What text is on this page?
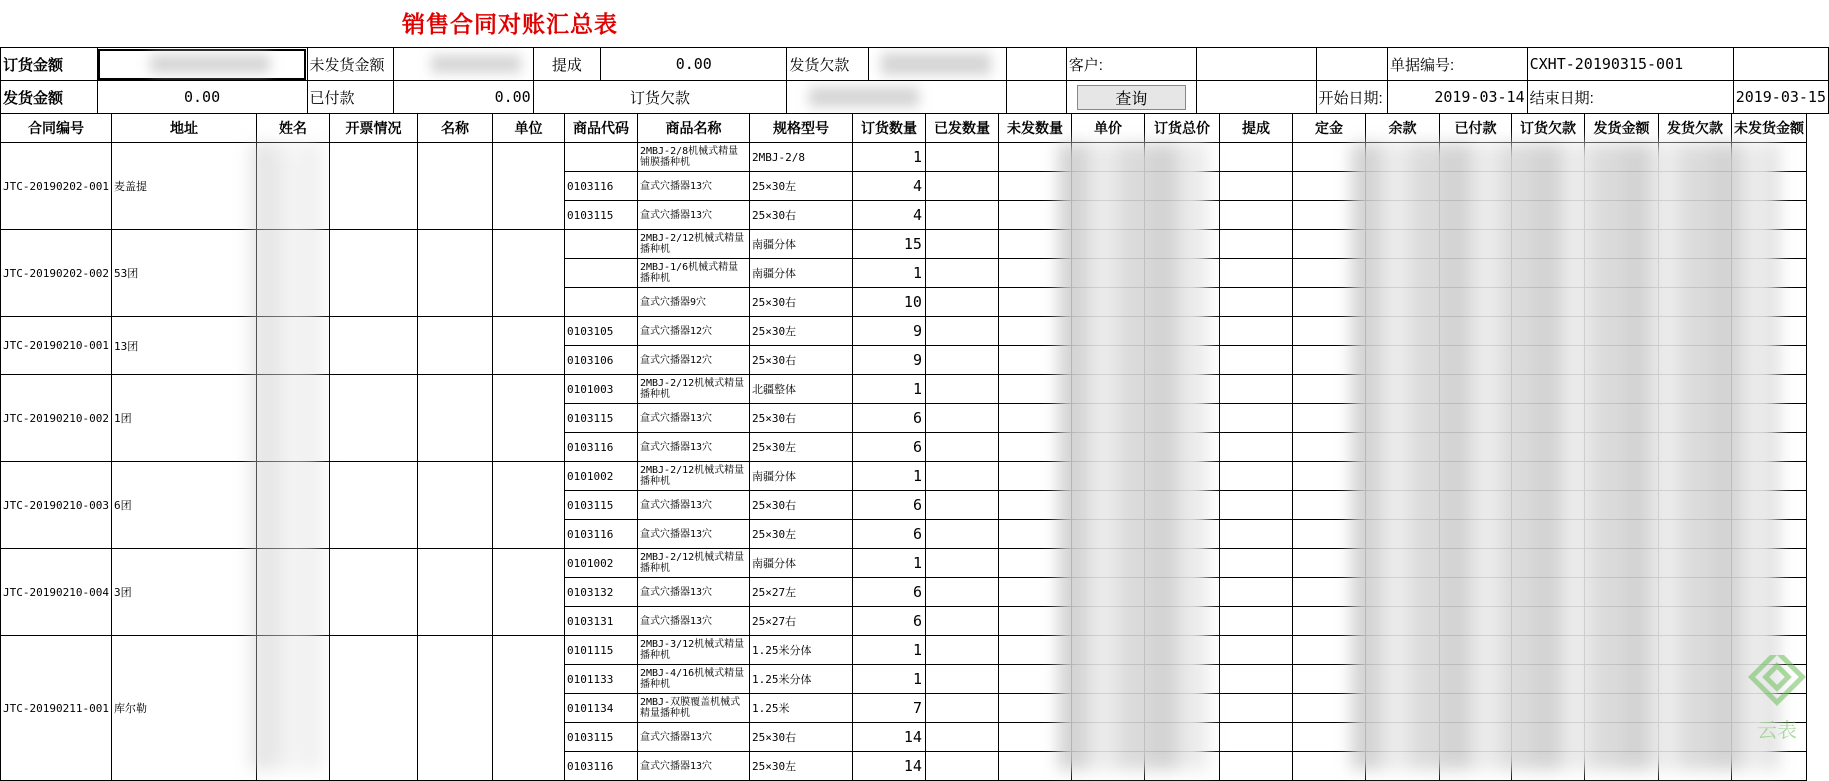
销售合同对账汇总表
订货金额		未发货金额		提成	0.00	发货欠款			客户:			单据编号:	CXHT-20190315-001	
发货金额	0.00	已付款	0.00	订货欠款					查询		开始日期:	2019-03-14	结束日期:	2019-03-15
合同编号	地址	姓名	开票情况	名称	单位	商品代码	商品名称	规格型号	订货数量	已发数量	未发数量	单价	订货总价	提成	定金	余款	已付款	订货欠款	发货金额	发货欠款	未发货金额
JTC-20190202-001	麦盖提						2MBJ-2/8机械式精量铺膜播种机	2MBJ-2/8	1												
						0103116	盒式穴播器13穴	25×30左	4												
						0103115	盒式穴播器13穴	25×30右	4												
JTC-20190202-002	53团						2MBJ-2/12机械式精量播种机	南疆分体	15												
							2MBJ-1/6机械式精量播种机	南疆分体	1												
							盒式穴播器9穴	25×30右	10												
JTC-20190210-001	13团					0103105	盒式穴播器12穴	25×30左	9												
						0103106	盒式穴播器12穴	25×30右	9												
JTC-20190210-002	1团					0101003	2MBJ-2/12机械式精量播种机	北疆整体	1												
						0103115	盒式穴播器13穴	25×30右	6												
						0103116	盒式穴播器13穴	25×30左	6												
JTC-20190210-003	6团					0101002	2MBJ-2/12机械式精量播种机	南疆分体	1												
						0103115	盒式穴播器13穴	25×30右	6												
						0103116	盒式穴播器13穴	25×30左	6												
JTC-20190210-004	3团					0101002	2MBJ-2/12机械式精量播种机	南疆分体	1												
						0103132	盒式穴播器13穴	25×27左	6												
						0103131	盒式穴播器13穴	25×27右	6												
JTC-20190211-001	库尔勒					0101115	2MBJ-3/12机械式精量播种机	1.25米分体	1												
						0101133	2MBJ-4/16机械式精量播种机	1.25米分体	1												
						0101134	2MBJ-双膜覆盖机械式精量播种机	1.25米	7												
						0103115	盒式穴播器13穴	25×30右	14												
						0103116	盒式穴播器13穴	25×30左	14												
云表
